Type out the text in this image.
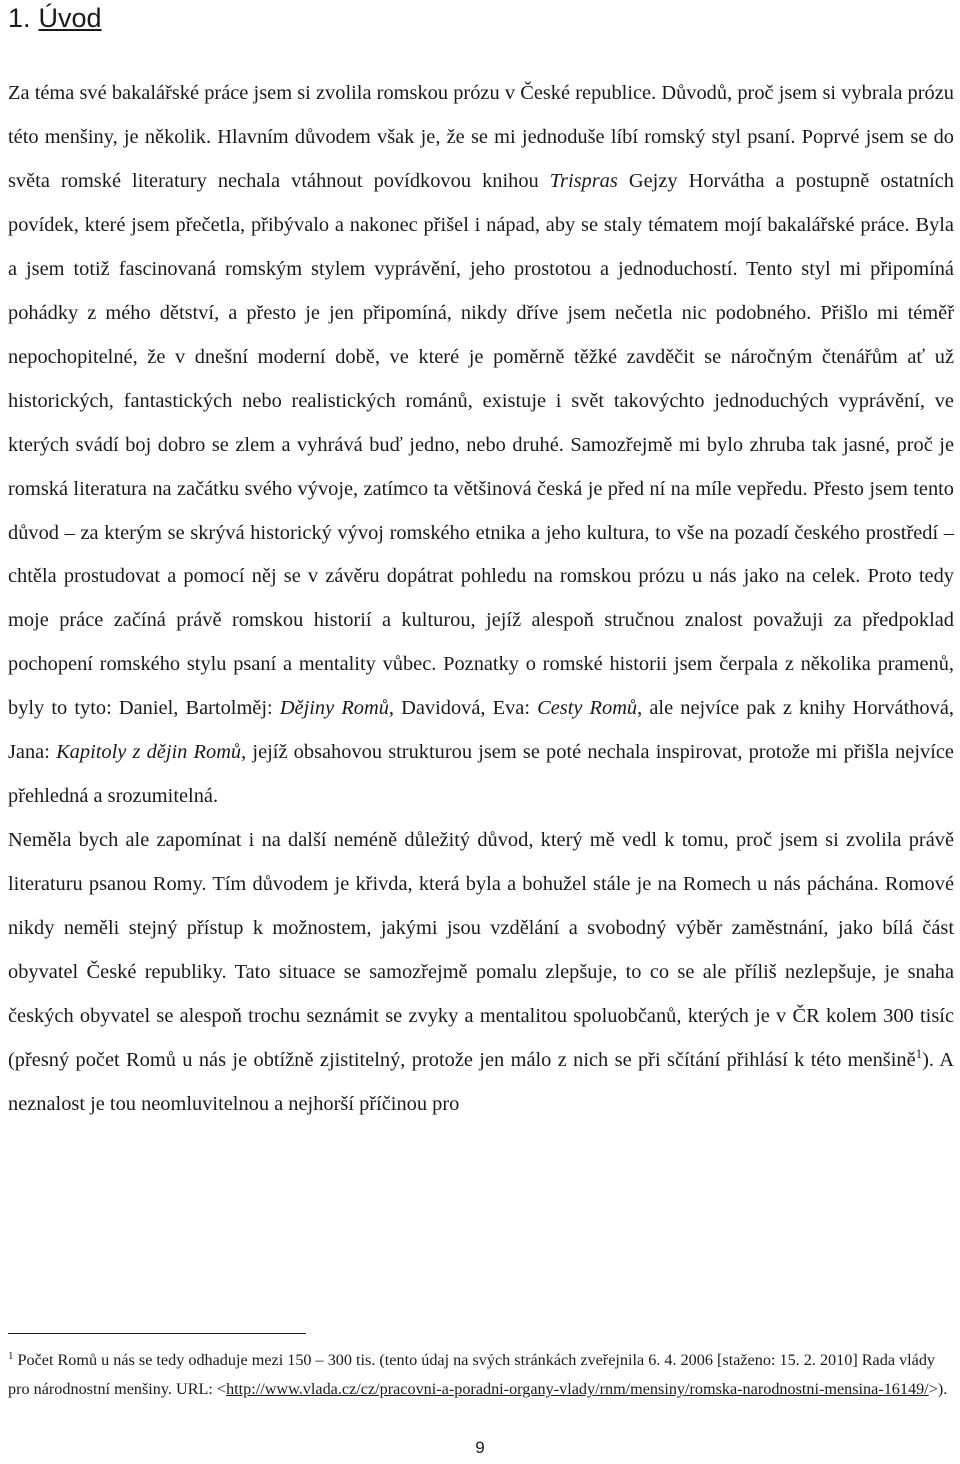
1. Úvod

Za téma své bakalářské práce jsem si zvolila romskou prózu v České republice. Důvodů, proč jsem si vybrala prózu této menšiny, je několik. Hlavním důvodem však je, že se mi jednoduše líbí romský styl psaní. Poprvé jsem se do světa romské literatury nechala vtáhnout povídkovou knihou Trispras Gejzy Horvátha a postupně ostatních povídek, které jsem přečetla, přibývalo a nakonec přišel i nápad, aby se staly tématem mojí bakalářské práce. Byla a jsem totiž fascinovaná romským stylem vyprávění, jeho prostotou a jednoduchostí. Tento styl mi připomíná pohádky z mého dětství, a přesto je jen připomíná, nikdy dříve jsem nečetla nic podobného. Přišlo mi téměř nepochopitelné, že v dnešní moderní době, ve které je poměrně těžké zavděčit se náročným čtenářům ať už historických, fantastických nebo realistických románů, existuje i svět takovýchto jednoduchých vyprávění, ve kterých svádí boj dobro se zlem a vyhrává buď jedno, nebo druhé. Samozřejmě mi bylo zhruba tak jasné, proč je romská literatura na začátku svého vývoje, zatímco ta většinová česká je před ní na míle vepředu. Přesto jsem tento důvod – za kterým se skrývá historický vývoj romského etnika a jeho kultura, to vše na pozadí českého prostředí – chtěla prostudovat a pomocí něj se v závěru dopátrat pohledu na romskou prózu u nás jako na celek. Proto tedy moje práce začíná právě romskou historií a kulturou, jejíž alespoň stručnou znalost považuji za předpoklad pochopení romského stylu psaní a mentality vůbec. Poznatky o romské historii jsem čerpala z několika pramenů, byly to tyto: Daniel, Bartolměj: Dějiny Romů, Davidová, Eva: Cesty Romů, ale nejvíce pak z knihy Horváthová, Jana: Kapitoly z dějin Romů, jejíž obsahovou strukturou jsem se poté nechala inspirovat, protože mi přišla nejvíce přehledná a srozumitelná.

Neměla bych ale zapomínat i na další neméně důležitý důvod, který mě vedl k tomu, proč jsem si zvolila právě literaturu psanou Romy. Tím důvodem je křivda, která byla a bohužel stále je na Romech u nás páchána. Romové nikdy neměli stejný přístup k možnostem, jakými jsou vzdělání a svobodný výběr zaměstnání, jako bílá část obyvatel České republiky. Tato situace se samozřejmě pomalu zlepšuje, to co se ale příliš nezlepšuje, je snaha českých obyvatel se alespoň trochu seznámit se zvyky a mentalitou spoluobčanů, kterých je v ČR kolem 300 tisíc (přesný počet Romů u nás je obtížně zjistitelný, protože jen málo z nich se při sčítání přihlásí k této menšině$^1$). A neznalost je tou neomluvitelnou a nejhorší příčinou pro

$^1$ Počet Romů u nás se tedy odhaduje mezi 150 – 300 tis. (tento údaj na svých stránkách zveřejnila 6. 4. 2006 [staženo: 15. 2. 2010] Rada vlády pro národnostní menšiny. URL: <http://www.vlada.cz/cz/pracovni-a-poradni-organy-vlady/rnm/mensiny/romska-narodnostni-mensina-16149/>).

9
